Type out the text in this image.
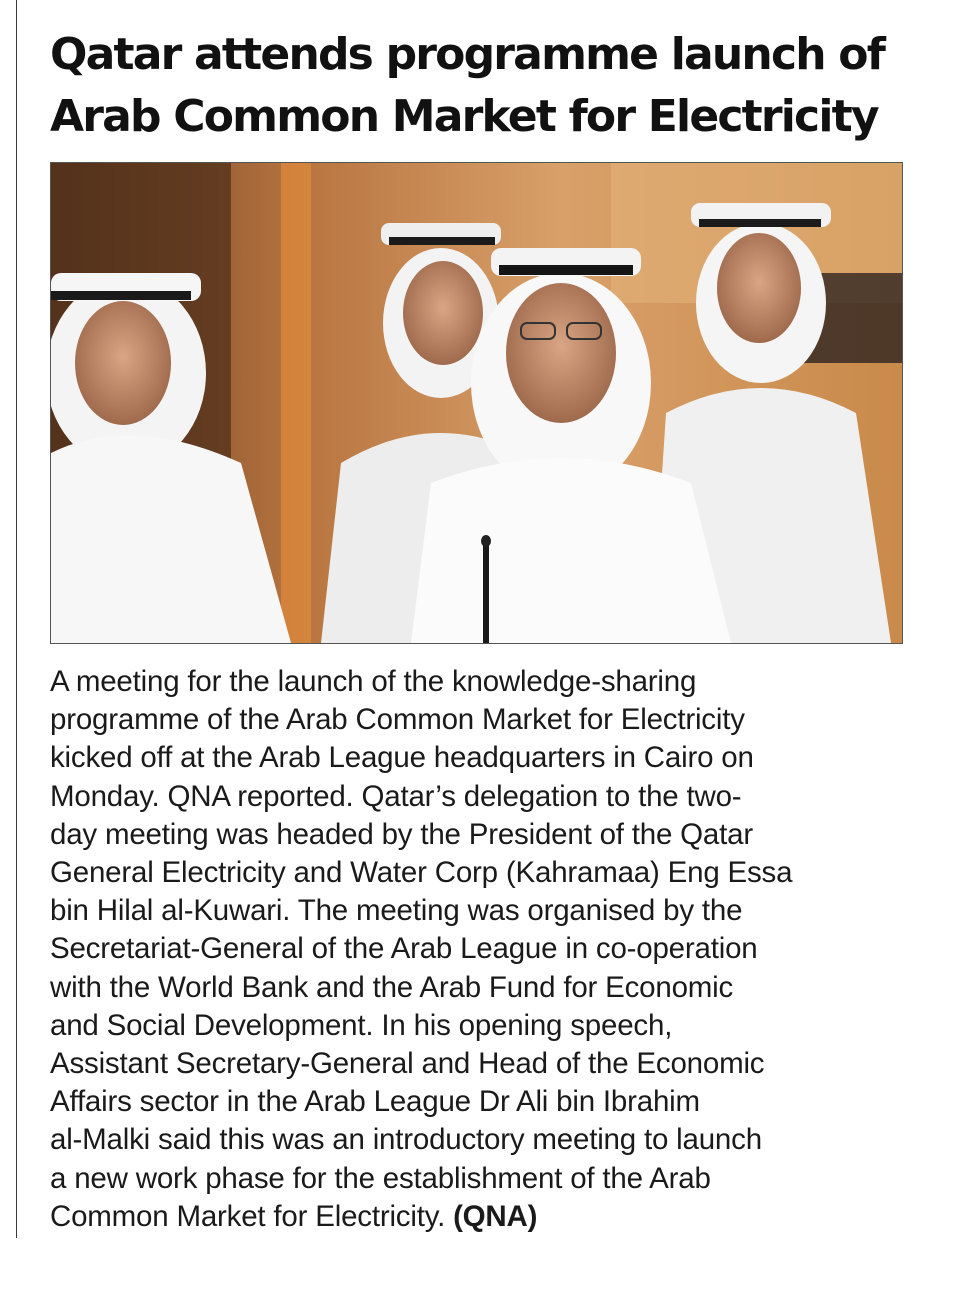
Qatar attends programme launch of
Arab Common Market for Electricity

A meeting for the launch of the knowledge-sharing
programme of the Arab Common Market for Electricity
kicked off at the Arab League headquarters in Cairo on
Monday. QNA reported. Qatar’s delegation to the two-
day meeting was headed by the President of the Qatar
General Electricity and Water Corp (Kahramaa) Eng Essa
bin Hilal al-Kuwari. The meeting was organised by the
Secretariat-General of the Arab League in co-operation
with the World Bank and the Arab Fund for Economic
and Social Development. In his opening speech,
Assistant Secretary-General and Head of the Economic
Affairs sector in the Arab League Dr Ali bin Ibrahim
al-Malki said this was an introductory meeting to launch
a new work phase for the establishment of the Arab
Common Market for Electricity. (QNA)
